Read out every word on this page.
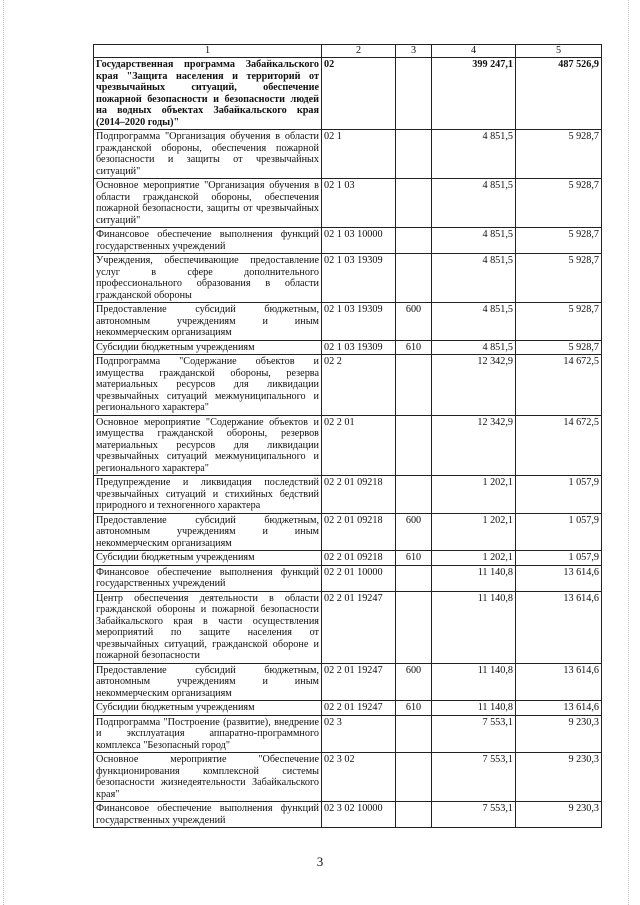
1	2	3	4	5
Государственная программа Забайкальского края "Защита населения и территорий от чрезвычайных ситуаций, обеспечение пожарной безопасности и безопасности людей на водных объектах Забайкальского края (2014–2020 годы)"	02		399 247,1	487 526,9
Подпрограмма "Организация обучения в области гражданской обороны, обеспечения пожарной безопасности и защиты от чрезвычайных ситуаций"	02 1		4 851,5	5 928,7
Основное мероприятие "Организация обучения в области гражданской обороны, обеспечения пожарной безопасности, защиты от чрезвычайных ситуаций"	02 1 03		4 851,5	5 928,7
Финансовое обеспечение выполнения функций государственных учреждений	02 1 03 10000		4 851,5	5 928,7
Учреждения, обеспечивающие предоставление услуг в сфере дополнительного профессионального образования в области гражданской обороны	02 1 03 19309		4 851,5	5 928,7
Предоставление субсидий бюджетным, автономным учреждениям и иным некоммерческим организациям	02 1 03 19309	600	4 851,5	5 928,7
Субсидии бюджетным учреждениям	02 1 03 19309	610	4 851,5	5 928,7
Подпрограмма "Содержание объектов и имущества гражданской обороны, резерва материальных ресурсов для ликвидации чрезвычайных ситуаций межмуниципального и регионального характера"	02 2		12 342,9	14 672,5
Основное мероприятие "Содержание объектов и имущества гражданской обороны, резервов материальных ресурсов для ликвидации чрезвычайных ситуаций межмуниципального и регионального характера"	02 2 01		12 342,9	14 672,5
Предупреждение и ликвидация последствий чрезвычайных ситуаций и стихийных бедствий природного и техногенного характера	02 2 01 09218		1 202,1	1 057,9
Предоставление субсидий бюджетным, автономным учреждениям и иным некоммерческим организациям	02 2 01 09218	600	1 202,1	1 057,9
Субсидии бюджетным учреждениям	02 2 01 09218	610	1 202,1	1 057,9
Финансовое обеспечение выполнения функций государственных учреждений	02 2 01 10000		11 140,8	13 614,6
Центр обеспечения деятельности в области гражданской обороны и пожарной безопасности Забайкальского края в части осуществления мероприятий по защите населения от чрезвычайных ситуаций, гражданской обороне и пожарной безопасности	02 2 01 19247		11 140,8	13 614,6
Предоставление субсидий бюджетным, автономным учреждениям и иным некоммерческим организациям	02 2 01 19247	600	11 140,8	13 614,6
Субсидии бюджетным учреждениям	02 2 01 19247	610	11 140,8	13 614,6
Подпрограмма "Построение (развитие), внедрение и эксплуатация аппаратно-программного комплекса "Безопасный город"	02 3		7 553,1	9 230,3
Основное мероприятие "Обеспечение функционирования комплексной системы безопасности жизнедеятельности Забайкальского края"	02 3 02		7 553,1	9 230,3
Финансовое обеспечение выполнения функций государственных учреждений	02 3 02 10000		7 553,1	9 230,3
3
